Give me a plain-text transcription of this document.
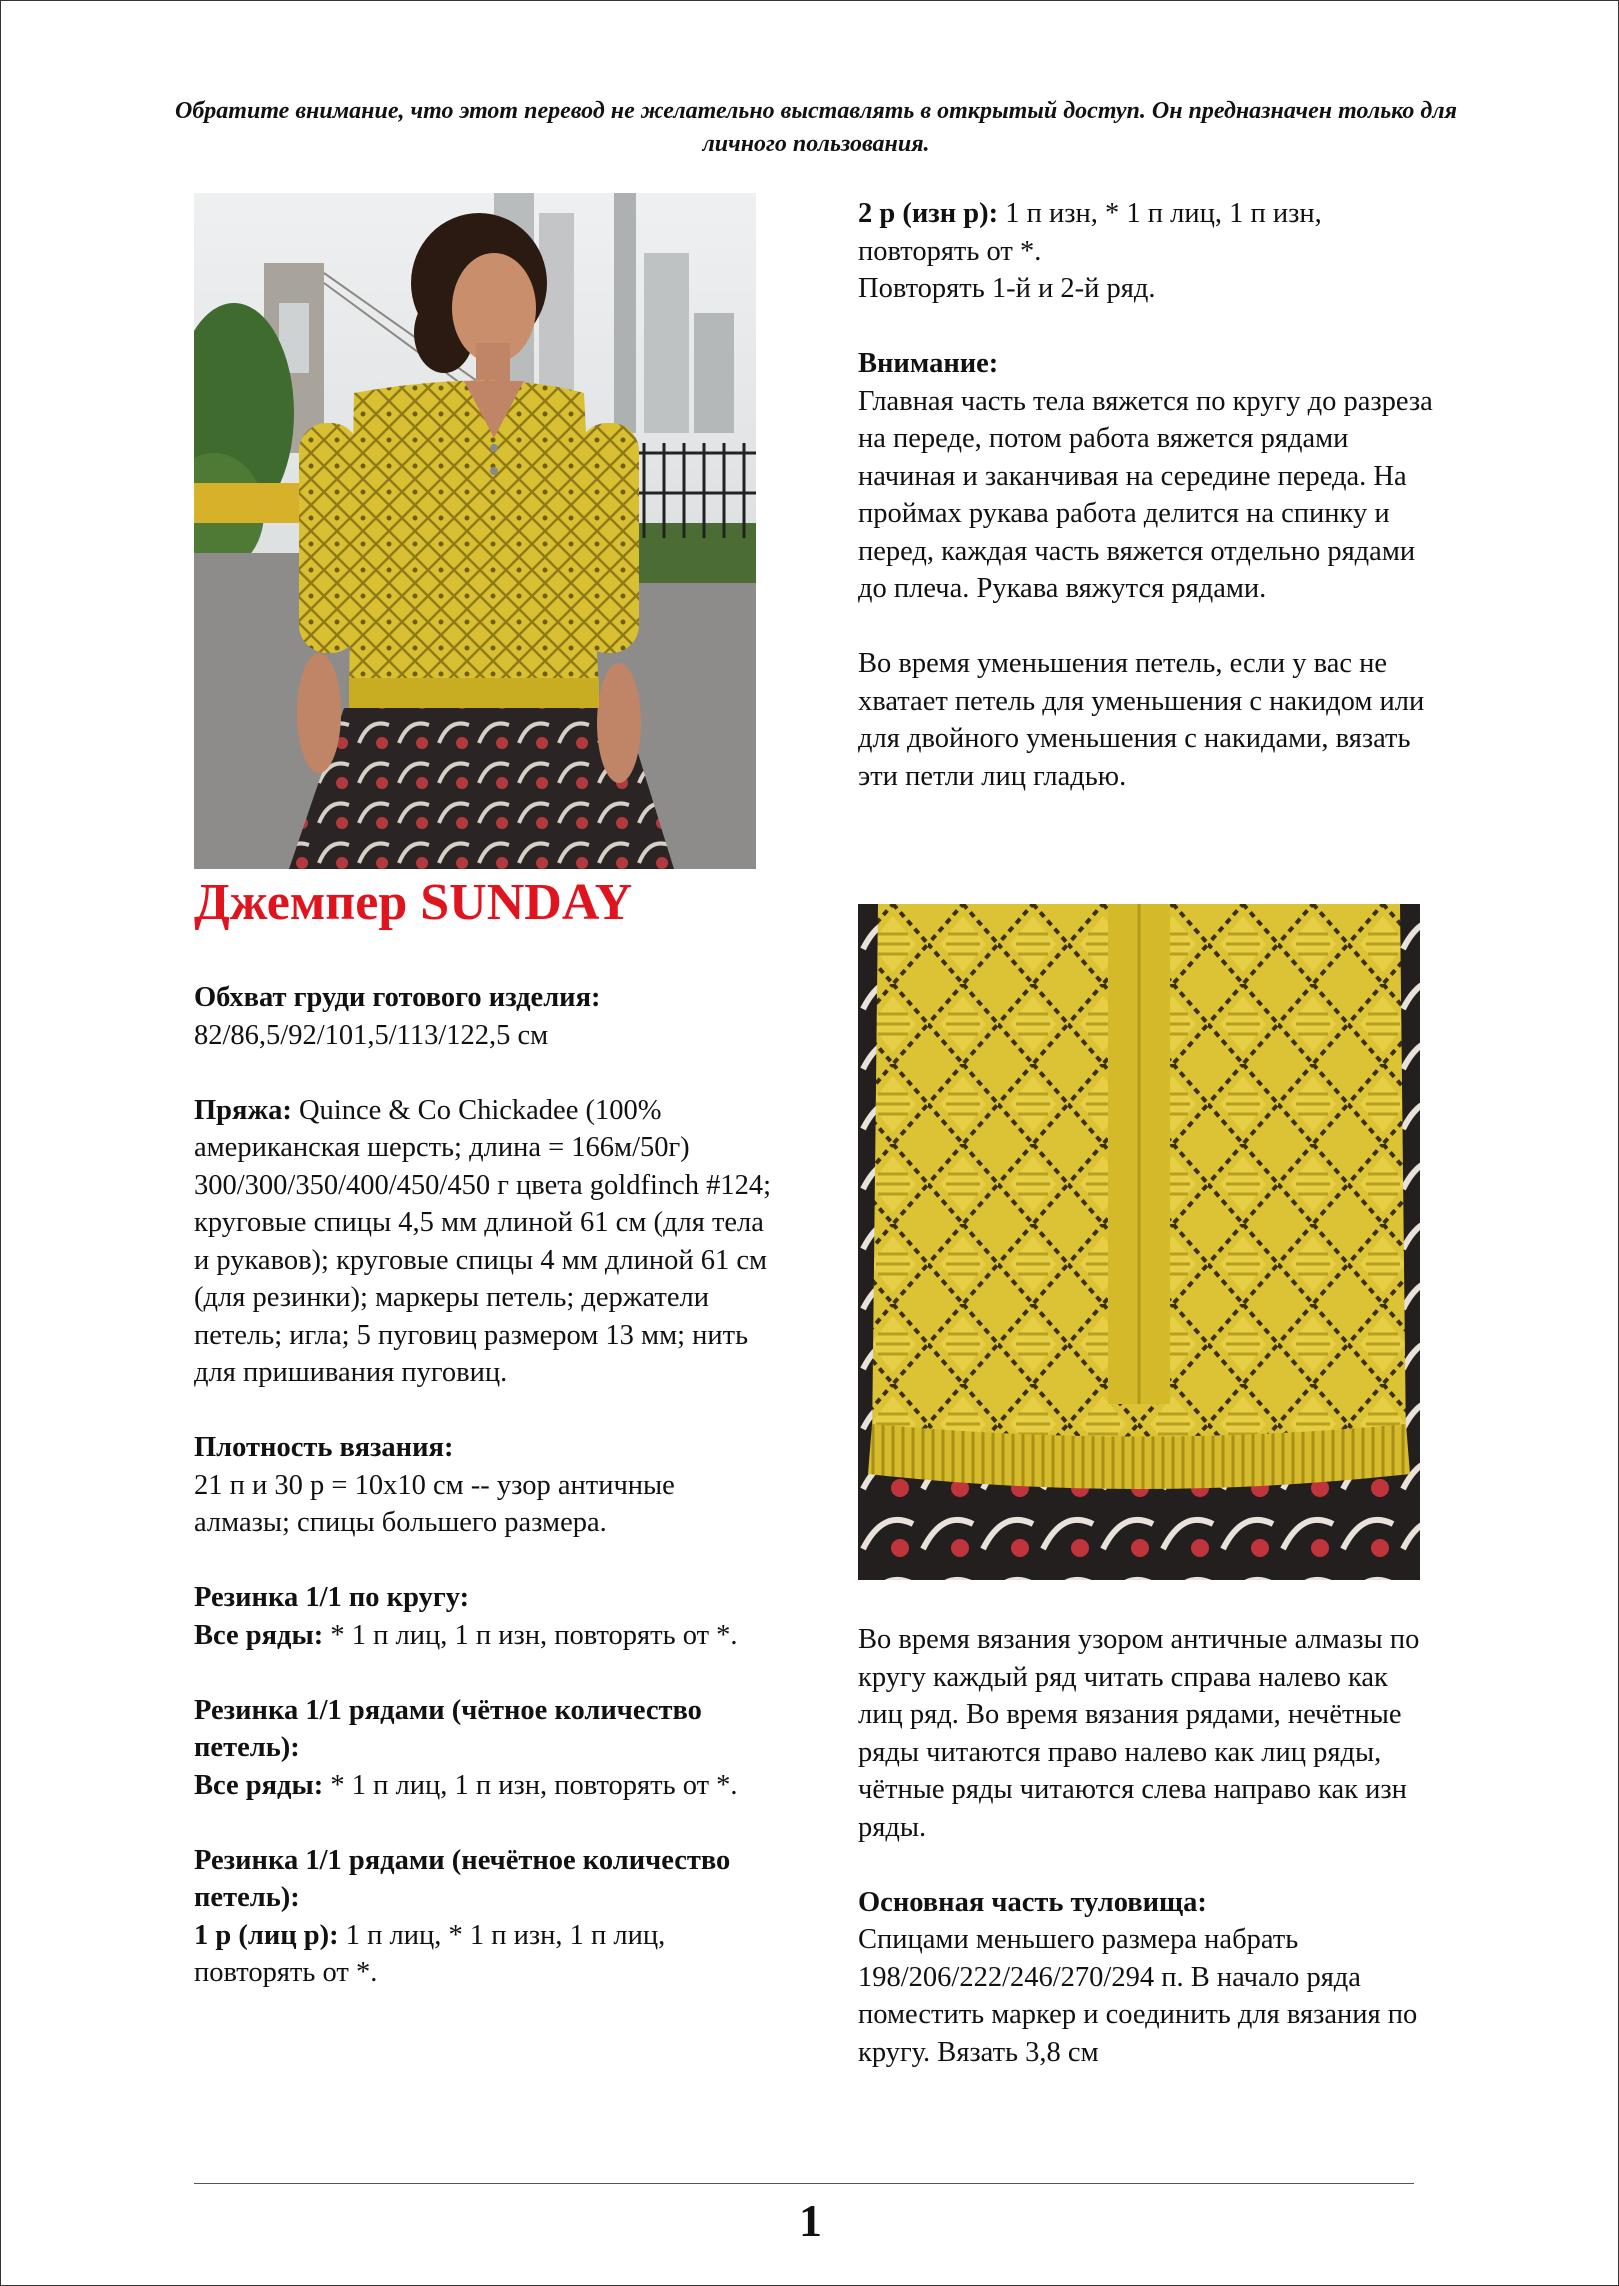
Обратите внимание, что этот перевод не желательно выставлять в открытый доступ. Он предназначен только для личного пользования.
Джемпер SUNDAY

Обхват груди готового изделия:
82/86,5/92/101,5/113/122,5 см

Пряжа: Quince & Co Chickadee (100% американская шерсть; длина = 166м/50г) 300/300/350/400/450/450 г цвета goldfinch #124; круговые спицы 4,5 мм длиной 61 см (для тела и рукавов); круговые спицы 4 мм длиной 61 см (для резинки); маркеры петель; держатели петель; игла; 5 пуговиц размером 13 мм; нить для пришивания пуговиц.

Плотность вязания:
21 п и 30 р = 10x10 см -- узор античные алмазы; спицы большего размера.

Резинка 1/1 по кругу:
Все ряды: * 1 п лиц, 1 п изн, повторять от *.

Резинка 1/1 рядами (чётное количество петель):
Все ряды: * 1 п лиц, 1 п изн, повторять от *.

Резинка 1/1 рядами (нечётное количество петель):
1 р (лиц р): 1 п лиц, * 1 п изн, 1 п лиц, повторять от *.

2 р (изн р): 1 п изн, * 1 п лиц, 1 п изн, повторять от *.
Повторять 1-й и 2-й ряд.

Внимание:
Главная часть тела вяжется по кругу до разреза на переде, потом работа вяжется рядами начиная и заканчивая на середине переда. На проймах рукава работа делится на спинку и перед, каждая часть вяжется отдельно рядами до плеча. Рукава вяжутся рядами.

Во время уменьшения петель, если у вас не хватает петель для уменьшения с накидом или для двойного уменьшения с накидами, вязать эти петли лиц гладью.

Во время вязания узором античные алмазы по кругу каждый ряд читать справа налево как лиц ряд. Во время вязания рядами, нечётные ряды читаются право налево как лиц ряды, чётные ряды читаются слева направо как изн ряды.

Основная часть туловища:
Спицами меньшего размера набрать 198/206/222/246/270/294 п. В начало ряда поместить маркер и соединить для вязания по кругу. Вязать 3,8 см

1
